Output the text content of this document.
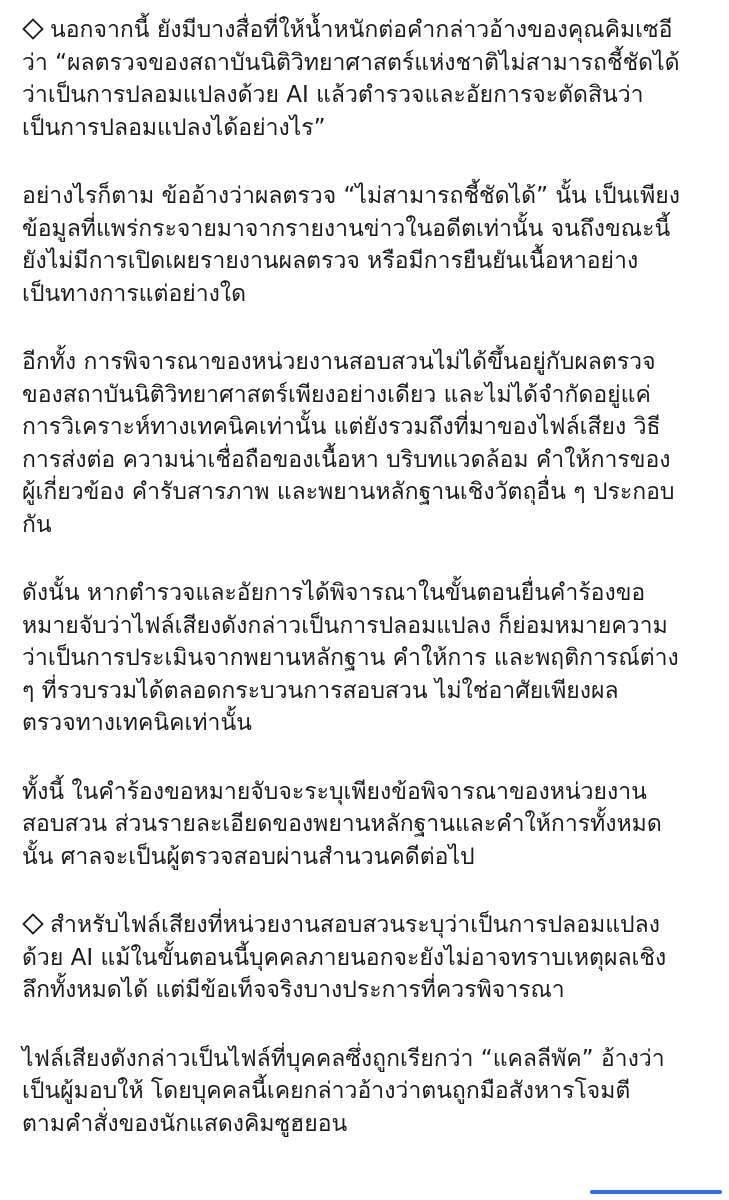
นอกจากนี้ ยังมีบางสื่อที่ให้น้ำหนักต่อคำกล่าวอ้างของคุณคิมเซอี
ว่า “ผลตรวจของสถาบันนิติวิทยาศาสตร์แห่งชาติไม่สามารถชี้ชัดได้
ว่าเป็นการปลอมแปลงด้วย AI แล้วตำรวจและอัยการจะตัดสินว่า
เป็นการปลอมแปลงได้อย่างไร”

อย่างไรก็ตาม ข้ออ้างว่าผลตรวจ “ไม่สามารถชี้ชัดได้” นั้น เป็นเพียง
ข้อมูลที่แพร่กระจายมาจากรายงานข่าวในอดีตเท่านั้น จนถึงขณะนี้
ยังไม่มีการเปิดเผยรายงานผลตรวจ หรือมีการยืนยันเนื้อหาอย่าง
เป็นทางการแต่อย่างใด

อีกทั้ง การพิจารณาของหน่วยงานสอบสวนไม่ได้ขึ้นอยู่กับผลตรวจ
ของสถาบันนิติวิทยาศาสตร์เพียงอย่างเดียว และไม่ได้จำกัดอยู่แค่
การวิเคราะห์ทางเทคนิคเท่านั้น แต่ยังรวมถึงที่มาของไฟล์เสียง วิธี
การส่งต่อ ความน่าเชื่อถือของเนื้อหา บริบทแวดล้อม คำให้การของ
ผู้เกี่ยวข้อง คำรับสารภาพ และพยานหลักฐานเชิงวัตถุอื่น ๆ ประกอบ
กัน

ดังนั้น หากตำรวจและอัยการได้พิจารณาในขั้นตอนยื่นคำร้องขอ
หมายจับว่าไฟล์เสียงดังกล่าวเป็นการปลอมแปลง ก็ย่อมหมายความ
ว่าเป็นการประเมินจากพยานหลักฐาน คำให้การ และพฤติการณ์ต่าง
ๆ ที่รวบรวมได้ตลอดกระบวนการสอบสวน ไม่ใช่อาศัยเพียงผล
ตรวจทางเทคนิคเท่านั้น

ทั้งนี้ ในคำร้องขอหมายจับจะระบุเพียงข้อพิจารณาของหน่วยงาน
สอบสวน ส่วนรายละเอียดของพยานหลักฐานและคำให้การทั้งหมด
นั้น ศาลจะเป็นผู้ตรวจสอบผ่านสำนวนคดีต่อไป

สำหรับไฟล์เสียงที่หน่วยงานสอบสวนระบุว่าเป็นการปลอมแปลง
ด้วย AI แม้ในขั้นตอนนี้บุคคลภายนอกจะยังไม่อาจทราบเหตุผลเชิง
ลึกทั้งหมดได้ แต่มีข้อเท็จจริงบางประการที่ควรพิจารณา

ไฟล์เสียงดังกล่าวเป็นไฟล์ที่บุคคลซึ่งถูกเรียกว่า “แคลลีพัค” อ้างว่า
เป็นผู้มอบให้ โดยบุคคลนี้เคยกล่าวอ้างว่าตนถูกมือสังหารโจมตี
ตามคำสั่งของนักแสดงคิมซูฮยอน
